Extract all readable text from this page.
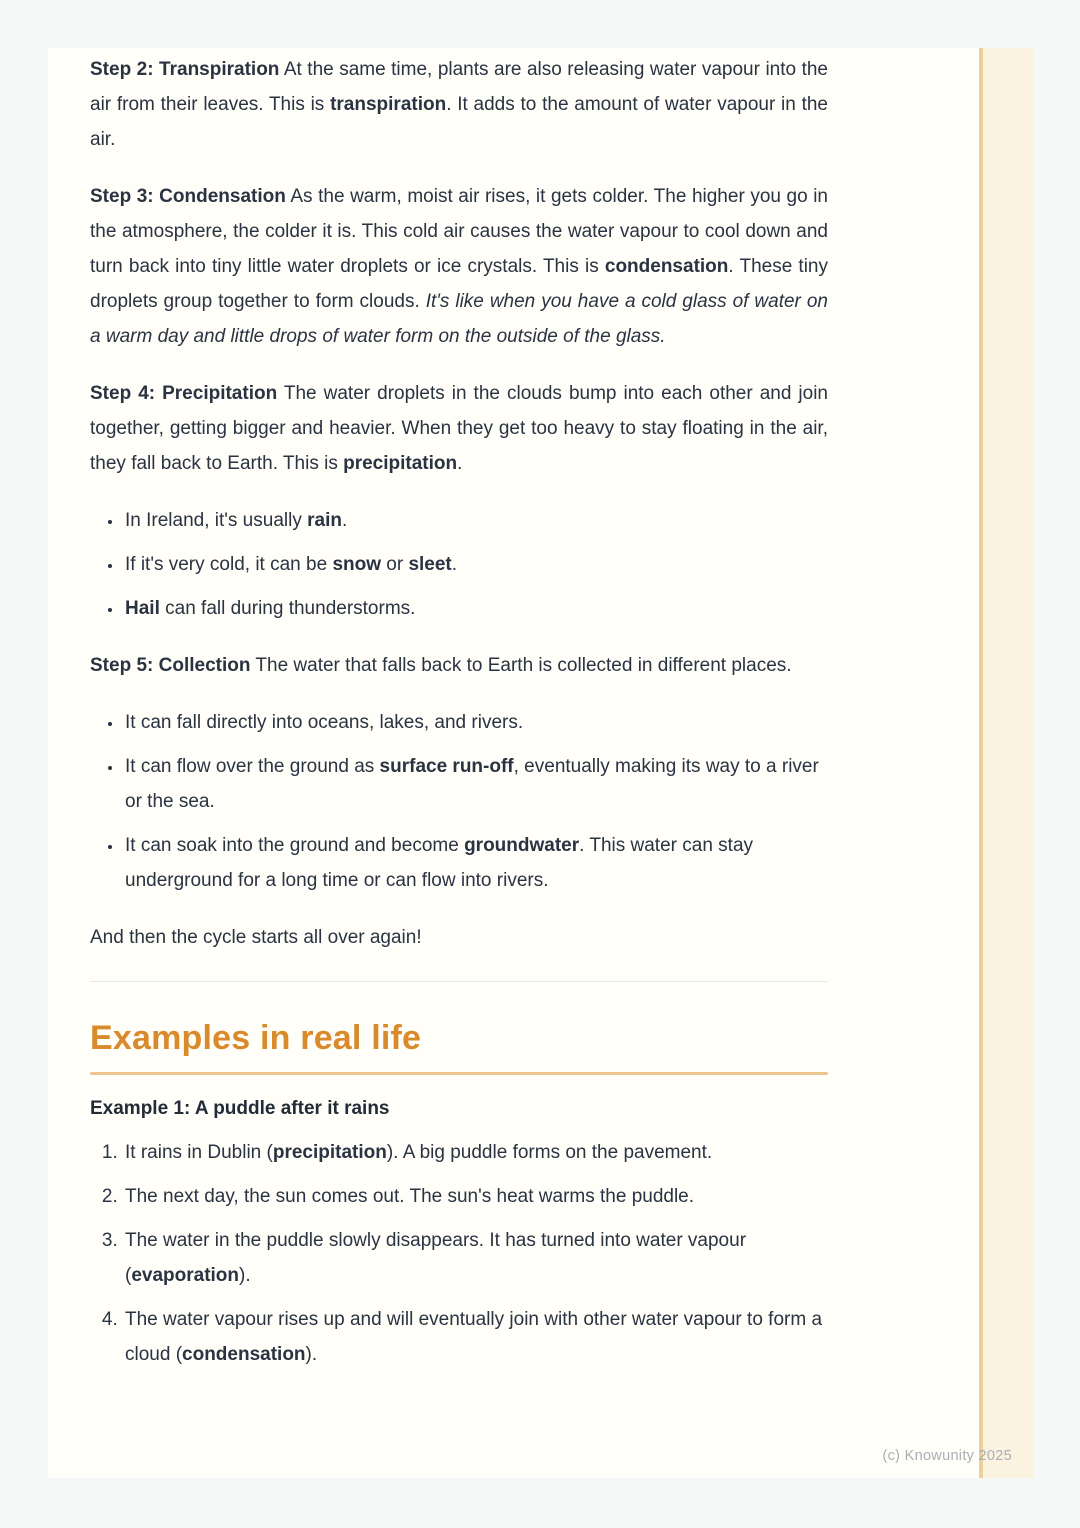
Step 2: Transpiration At the same time, plants are also releasing water vapour into the air from their leaves. This is transpiration. It adds to the amount of water vapour in the air.

Step 3: Condensation As the warm, moist air rises, it gets colder. The higher you go in the atmosphere, the colder it is. This cold air causes the water vapour to cool down and turn back into tiny little water droplets or ice crystals. This is condensation. These tiny droplets group together to form clouds. It's like when you have a cold glass of water on a warm day and little drops of water form on the outside of the glass.

Step 4: Precipitation The water droplets in the clouds bump into each other and join together, getting bigger and heavier. When they get too heavy to stay floating in the air, they fall back to Earth. This is precipitation.

• In Ireland, it's usually rain.
• If it's very cold, it can be snow or sleet.
• Hail can fall during thunderstorms.

Step 5: Collection The water that falls back to Earth is collected in different places.

• It can fall directly into oceans, lakes, and rivers.
• It can flow over the ground as surface run-off, eventually making its way to a river or the sea.
• It can soak into the ground and become groundwater. This water can stay underground for a long time or can flow into rivers.

And then the cycle starts all over again!

Examples in real life
Example 1: A puddle after it rains
1. It rains in Dublin (precipitation). A big puddle forms on the pavement.
2. The next day, the sun comes out. The sun's heat warms the puddle.
3. The water in the puddle slowly disappears. It has turned into water vapour (evaporation).
4. The water vapour rises up and will eventually join with other water vapour to form a cloud (condensation).
(c) Knowunity 2025
